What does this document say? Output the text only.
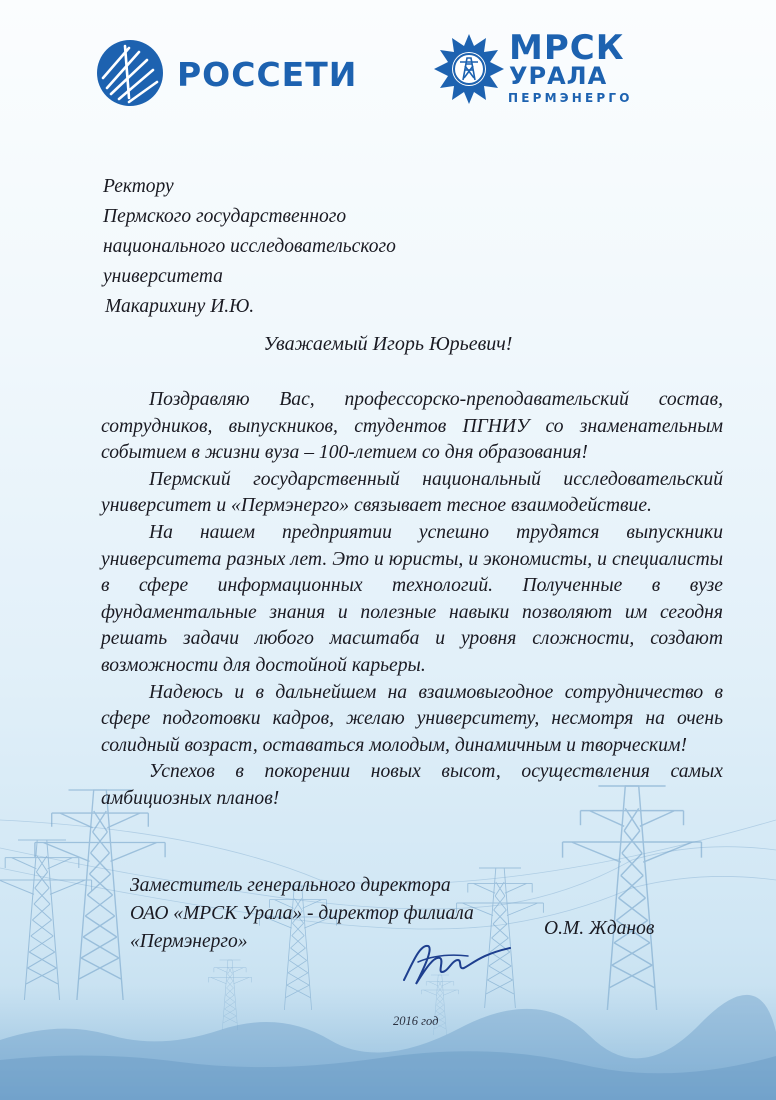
РОССЕТИ
МРСК
УРАЛА
ПЕРМЭНЕРГО
Ректору
Пермского государственного
национального исследовательского
университета
Макарихину И.Ю.
Уважаемый Игорь Юрьевич!

Поздравляю Вас, профессорско-преподавательский состав, сотрудников, выпускников, студентов ПГНИУ со знаменательным событием в жизни вуза – 100-летием со дня образования!

Пермский государственный национальный исследовательский университет и «Пермэнерго» связывает тесное взаимодействие.

На нашем предприятии успешно трудятся выпускники университета разных лет. Это и юристы, и экономисты, и специалисты в сфере информационных технологий. Полученные в вузе фундаментальные знания и полезные навыки позволяют им сегодня решать задачи любого масштаба и уровня сложности, создают возможности для достойной карьеры.

Надеюсь и в дальнейшем на взаимовыгодное сотрудничество в сфере подготовки кадров, желаю университету, несмотря на очень солидный возраст, оставаться молодым, динамичным и творческим!

Успехов в покорении новых высот, осуществления самых амбициозных планов!

Заместитель генерального директора
ОАО «МРСК Урала» - директор филиала
«Пермэнерго»
О.М. Жданов
2016 год
